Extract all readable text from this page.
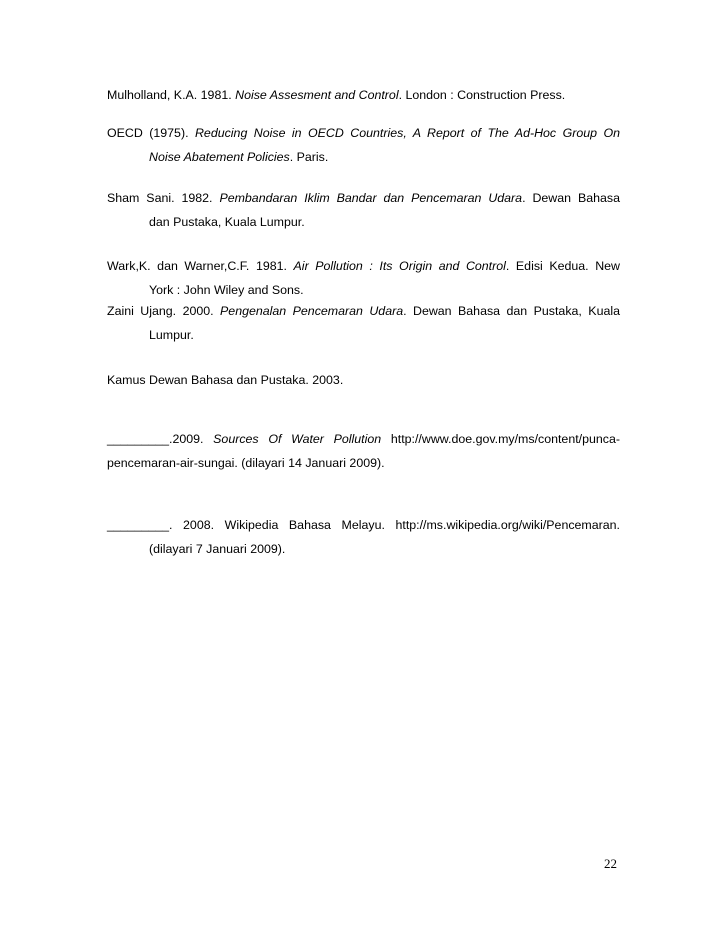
Mulholland, K.A. 1981. Noise Assesment and Control. London : Construction Press.
OECD (1975). Reducing Noise in OECD Countries, A Report of The Ad-Hoc Group On
Noise Abatement Policies. Paris.
Sham Sani. 1982. Pembandaran Iklim Bandar dan Pencemaran Udara. Dewan Bahasa
dan Pustaka, Kuala Lumpur.
Wark,K. dan Warner,C.F. 1981. Air Pollution : Its Origin and Control. Edisi Kedua. New
York : John Wiley and Sons.
Zaini Ujang. 2000. Pengenalan Pencemaran Udara. Dewan Bahasa dan Pustaka, Kuala
Lumpur.
Kamus Dewan Bahasa dan Pustaka. 2003.
_________.2009. Sources Of Water Pollution http://www.doe.gov.my/ms/content/punca-
pencemaran-air-sungai. (dilayari 14 Januari 2009).
_________. 2008. Wikipedia Bahasa Melayu. http://ms.wikipedia.org/wiki/Pencemaran.
(dilayari 7 Januari 2009).
22
